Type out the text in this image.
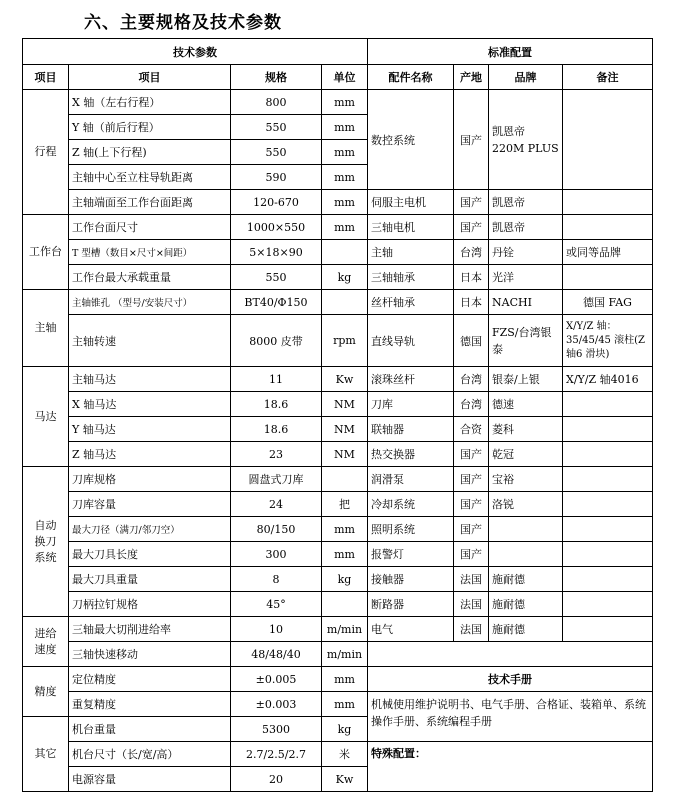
六、主要规格及技术参数
技术参数				标准配置			
项目	项目	规格	单位	配件名称	产地	品牌	备注
行程	X 轴（左右行程）	800	mm	数控系统	国产	凯恩帝 220M PLUS	
	Y 轴（前后行程）	550	mm				
	Z 轴(上下行程)	550	mm				
	主轴中心至立柱导轨距离	590	mm				
	主轴端面至工作台面距离	120-670	mm	伺服主电机	国产	凯恩帝	
工作台	工作台面尺寸	1000×550	mm	三轴电机	国产	凯恩帝	
	T 型槽（数目×尺寸×间距）	5×18×90		主轴	台湾	丹铨	或同等品牌
	工作台最大承载重量	550	kg	三轴轴承	日本	光洋	
主轴	主轴锥孔 （型号/安装尺寸）	BT40/Φ150		丝杆轴承	日本	NACHI	德国 FAG
	主轴转速	8000 皮带	rpm	直线导轨	德国	FZS/台湾银泰	X/Y/Z 轴：35/45/45 滚柱(Z 轴6 滑块)
马达	主轴马达	11	Kw	滚珠丝杆	台湾	银泰/上银	X/Y/Z 轴4016
	X 轴马达	18.6	NM	刀库	台湾	德速	
	Y 轴马达	18.6	NM	联轴器	合资	菱科	
	Z 轴马达	23	NM	热交换器	国产	乾冠	
自动换刀系统	刀库规格	圆盘式刀库		润滑泵	国产	宝裕	
	刀库容量	24	把	冷却系统	国产	洛锐	
	最大刀径（满刀/邻刀空）	80/150	mm	照明系统	国产		
	最大刀具长度	300	mm	报警灯	国产		
	最大刀具重量	8	kg	接触器	法国	施耐德	
	刀柄拉钉规格	45°		断路器	法国	施耐德	
进给速度	三轴最大切削进给率	10	m/min	电气	法国	施耐德	
	三轴快速移动	48/48/40	m/min				
精度	定位精度	±0.005	mm	技术手册			
	重复精度	±0.003	mm	机械使用维护说明书、电气手册、合格证、装箱单、系统操作手册、系统编程手册			
其它	机台重量	5300	kg				
	机台尺寸（长/宽/高）	2.7/2.5/2.7	米	特殊配置：			
	电源容量	20	Kw				
